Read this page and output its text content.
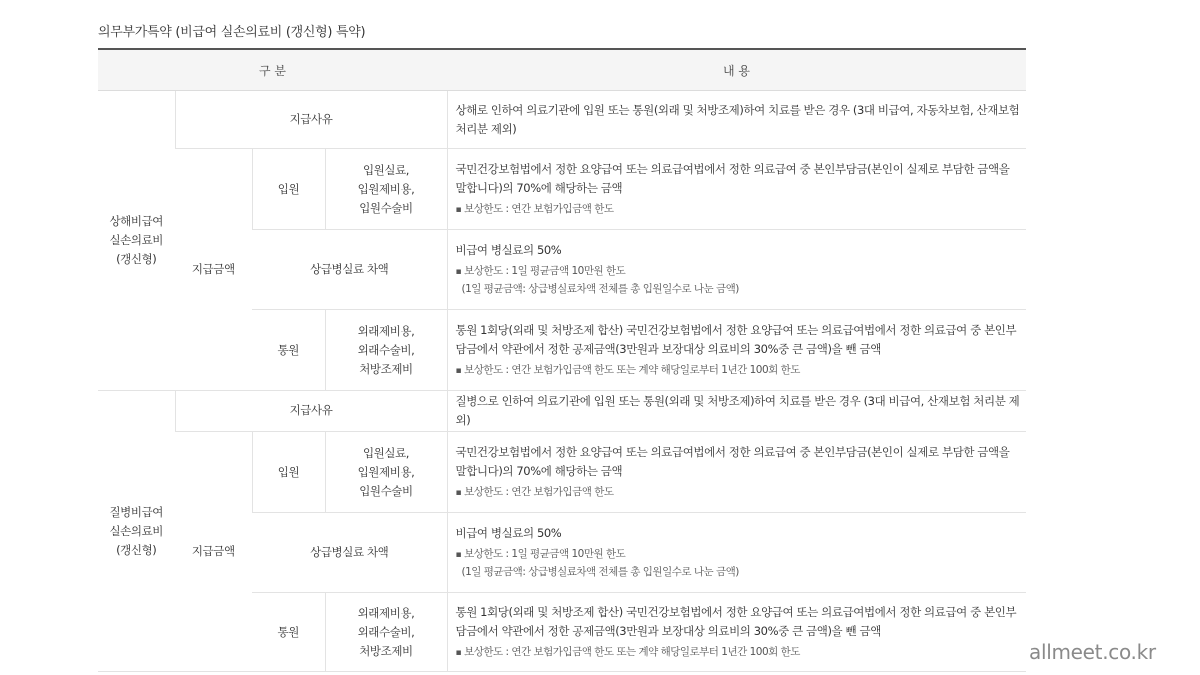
의무부가특약 (비급여 실손의료비 (갱신형) 특약)
구 분				내 용

상해비급여
실손의료비
(갱신형)	지급사유			상해로 인하여 의료기관에 입원 또는 통원(외래 및 처방조제)하여 치료를 받은 경우 (3대 비급여, 자동차보험, 산재보험 처리분 제외)
	지급금액	입원	입원실료,
입원제비용,
입원수술비	국민건강보험법에서 정한 요양급여 또는 의료급여법에서 정한 의료급여 중 본인부담금(본인이 실제로 부담한 금액을 말합니다)의 70%에 해당하는 금액
▪ 보상한도 : 연간 보험가입금액 한도

		상급병실료 차액		비급여 병실료의 50%
▪ 보상한도 : 1일 평균금액 10만원 한도
(1일 평균금액: 상급병실료차액 전체를 총 입원일수로 나눈 금액)

		통원	외래제비용,
외래수술비,
처방조제비	통원 1회당(외래 및 처방조제 합산) 국민건강보험법에서 정한 요양급여 또는 의료급여법에서 정한 의료급여 중 본인부담금에서 약관에서 정한 공제금액(3만원과 보장대상 의료비의 30%중 큰 금액)을 뺀 금액
▪ 보상한도 : 연간 보험가입금액 한도 또는 계약 해당일로부터 1년간 100회 한도

질병비급여
실손의료비
(갱신형)	지급사유			질병으로 인하여 의료기관에 입원 또는 통원(외래 및 처방조제)하여 치료를 받은 경우 (3대 비급여, 산재보험 처리분 제외)
	지급금액	입원	입원실료,
입원제비용,
입원수술비	국민건강보험법에서 정한 요양급여 또는 의료급여법에서 정한 의료급여 중 본인부담금(본인이 실제로 부담한 금액을 말합니다)의 70%에 해당하는 금액
▪ 보상한도 : 연간 보험가입금액 한도

		상급병실료 차액		비급여 병실료의 50%
▪ 보상한도 : 1일 평균금액 10만원 한도
(1일 평균금액: 상급병실료차액 전체를 총 입원일수로 나눈 금액)

		통원	외래제비용,
외래수술비,
처방조제비	통원 1회당(외래 및 처방조제 합산) 국민건강보험법에서 정한 요양급여 또는 의료급여법에서 정한 의료급여 중 본인부담금에서 약관에서 정한 공제금액(3만원과 보장대상 의료비의 30%중 큰 금액)을 뺀 금액
▪ 보상한도 : 연간 보험가입금액 한도 또는 계약 해당일로부터 1년간 100회 한도	allmeet.co.kr
